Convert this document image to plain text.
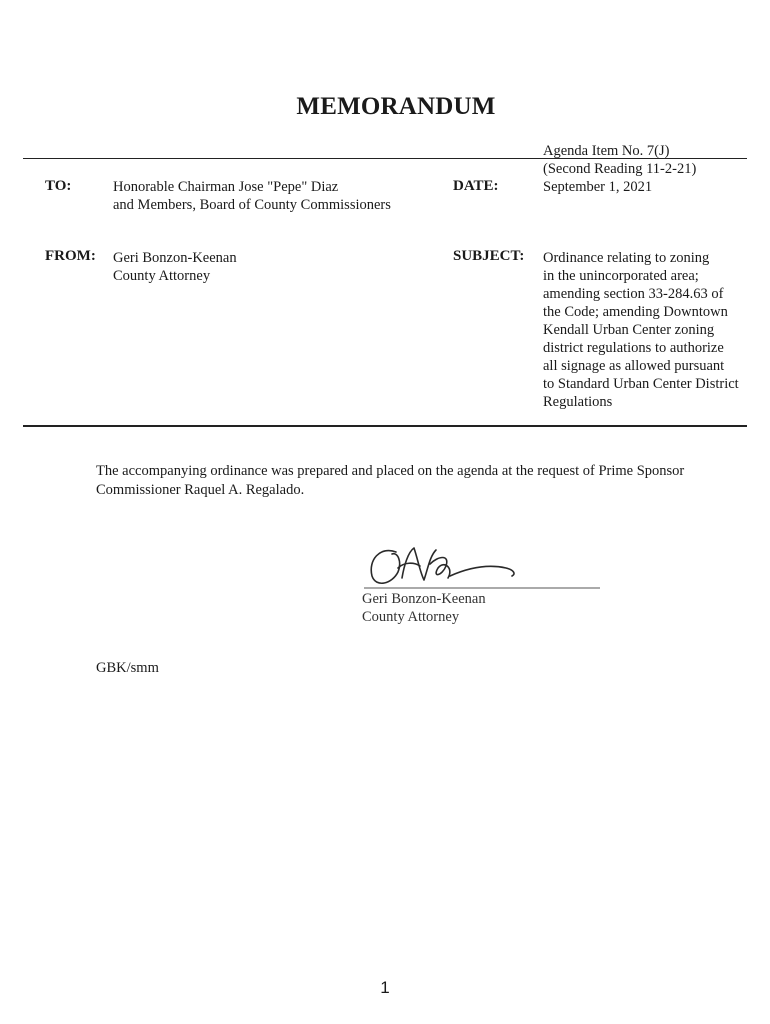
MEMORANDUM
Agenda Item No. 7(J)
(Second Reading 11-2-21)
TO:	Honorable Chairman Jose "Pepe" Diaz
and Members, Board of County Commissioners
DATE:	September 1, 2021
FROM: Geri Bonzon-Keenan
County Attorney
SUBJECT: Ordinance relating to zoning
in the unincorporated area;
amending section 33-284.63 of
the Code; amending Downtown
Kendall Urban Center zoning
district regulations to authorize
all signage as allowed pursuant
to Standard Urban Center District
Regulations
The accompanying ordinance was prepared and placed on the agenda at the request of Prime Sponsor
Commissioner Raquel A. Regalado.
Geri Bonzon-Keenan
County Attorney
GBK/smm
1
